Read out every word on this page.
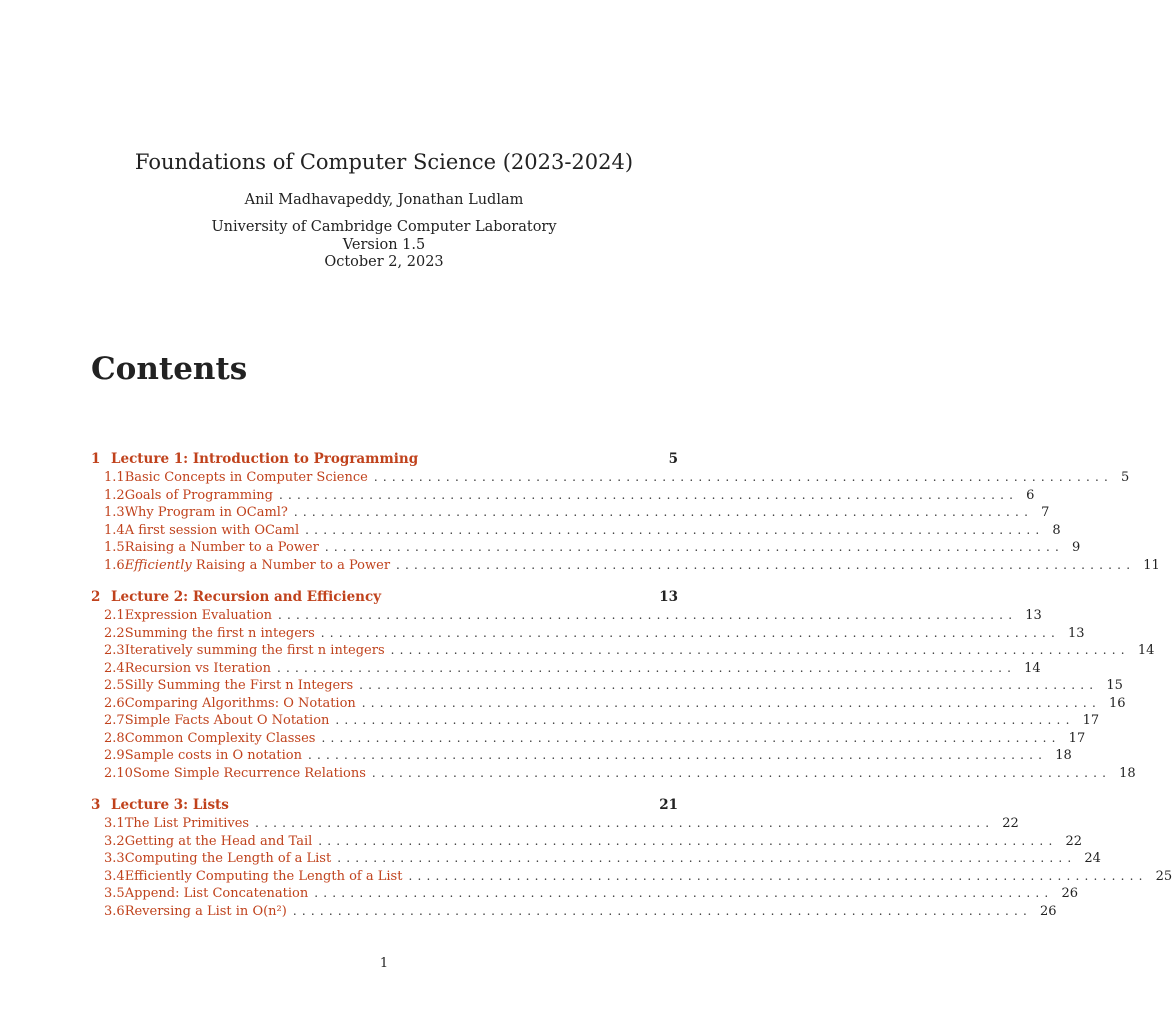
Foundations of Computer Science (2023-2024)
Anil Madhavapeddy, Jonathan Ludlam
University of Cambridge Computer Laboratory
Version 1.5
October 2, 2023
Contents
1 Lecture 1: Introduction to Programming	5
1.1 Basic Concepts in Computer Science .................................................................................. 5
1.2 Goals of Programming .................................................................................. 6
1.3 Why Program in OCaml? .................................................................................. 7
1.4 A first session with OCaml .................................................................................. 8
1.5 Raising a Number to a Power .................................................................................. 9
1.6 Efficiently Raising a Number to a Power .................................................................................. 11
2 Lecture 2: Recursion and Efficiency	13
2.1 Expression Evaluation .................................................................................. 13
2.2 Summing the first n integers .................................................................................. 13
2.3 Iteratively summing the first n integers .................................................................................. 14
2.4 Recursion vs Iteration .................................................................................. 14
2.5 Silly Summing the First n Integers .................................................................................. 15
2.6 Comparing Algorithms: O Notation .................................................................................. 16
2.7 Simple Facts About O Notation .................................................................................. 17
2.8 Common Complexity Classes .................................................................................. 17
2.9 Sample costs in O notation .................................................................................. 18
2.10 Some Simple Recurrence Relations .................................................................................. 18
3 Lecture 3: Lists	21
3.1 The List Primitives .................................................................................. 22
3.2 Getting at the Head and Tail .................................................................................. 22
3.3 Computing the Length of a List .................................................................................. 24
3.4 Efficiently Computing the Length of a List .................................................................................. 25
3.5 Append: List Concatenation .................................................................................. 26
3.6 Reversing a List in O(n²) .................................................................................. 26
1
